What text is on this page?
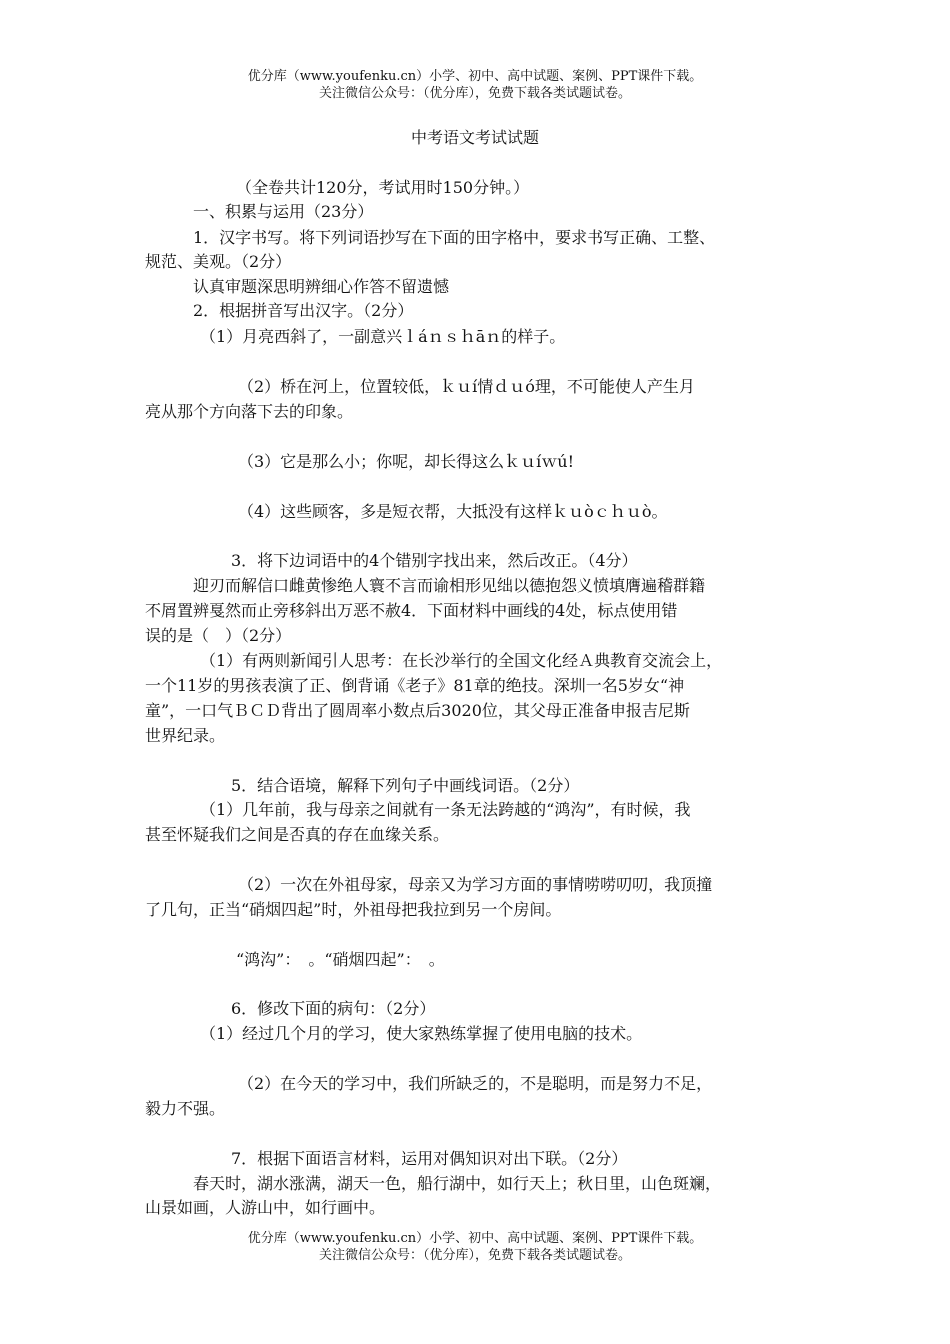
优分库（www.youfenku.cn）小学、初中、高中试题、案例、PPT课件下载。
关注微信公众号：（优分库），免费下载各类试题试卷。
中考语文考试试题
（全卷共计120分，考试用时150分钟。）
一、积累与运用（23分）
1．汉字书写。将下列词语抄写在下面的田字格中，要求书写正确、工整、
规范、美观。（2分）
认真审题深思明辨细心作答不留遗憾
2．根据拼音写出汉字。（2分）
（1）月亮西斜了，一副意兴ｌáｎｓｈāｎ的样子。
（2）桥在河上，位置较低，ｋｕí情ｄｕó理，不可能使人产生月
亮从那个方向落下去的印象。
（3）它是那么小；你呢，却长得这么ｋｕíｗú!
（4）这些顾客，多是短衣帮，大抵没有这样ｋｕòｃｈｕò。
3．将下边词语中的4个错别字找出来，然后改正。（4分）
迎刃而解信口雌黄惨绝人寰不言而谕相形见绌以德抱怨义愤填膺遍稽群籍
不屑置辨戛然而止旁移斜出万恶不赦4．下面材料中画线的4处，标点使用错
误的是（　）（2分）
（1）有两则新闻引人思考：在长沙举行的全国文化经Ａ典教育交流会上，
一个11岁的男孩表演了正、倒背诵《老子》81章的绝技。深圳一名5岁女“神
童”，一口气ＢＣＤ背出了圆周率小数点后3020位，其父母正准备申报吉尼斯
世界纪录。
5．结合语境，解释下列句子中画线词语。（2分）
（1）几年前，我与母亲之间就有一条无法跨越的“鸿沟”，有时候，我
甚至怀疑我们之间是否真的存在血缘关系。
（2）一次在外祖母家，母亲又为学习方面的事情唠唠叨叨，我顶撞
了几句，正当“硝烟四起”时，外祖母把我拉到另一个房间。
“鸿沟”：　。“硝烟四起”：　。
6．修改下面的病句：（2分）
（1）经过几个月的学习，使大家熟练掌握了使用电脑的技术。
（2）在今天的学习中，我们所缺乏的，不是聪明，而是努力不足，
毅力不强。
7．根据下面语言材料，运用对偶知识对出下联。（2分）
春天时，湖水涨满，湖天一色，船行湖中，如行天上；秋日里，山色斑斓，
山景如画，人游山中，如行画中。
优分库（www.youfenku.cn）小学、初中、高中试题、案例、PPT课件下载。
关注微信公众号：（优分库），免费下载各类试题试卷。
